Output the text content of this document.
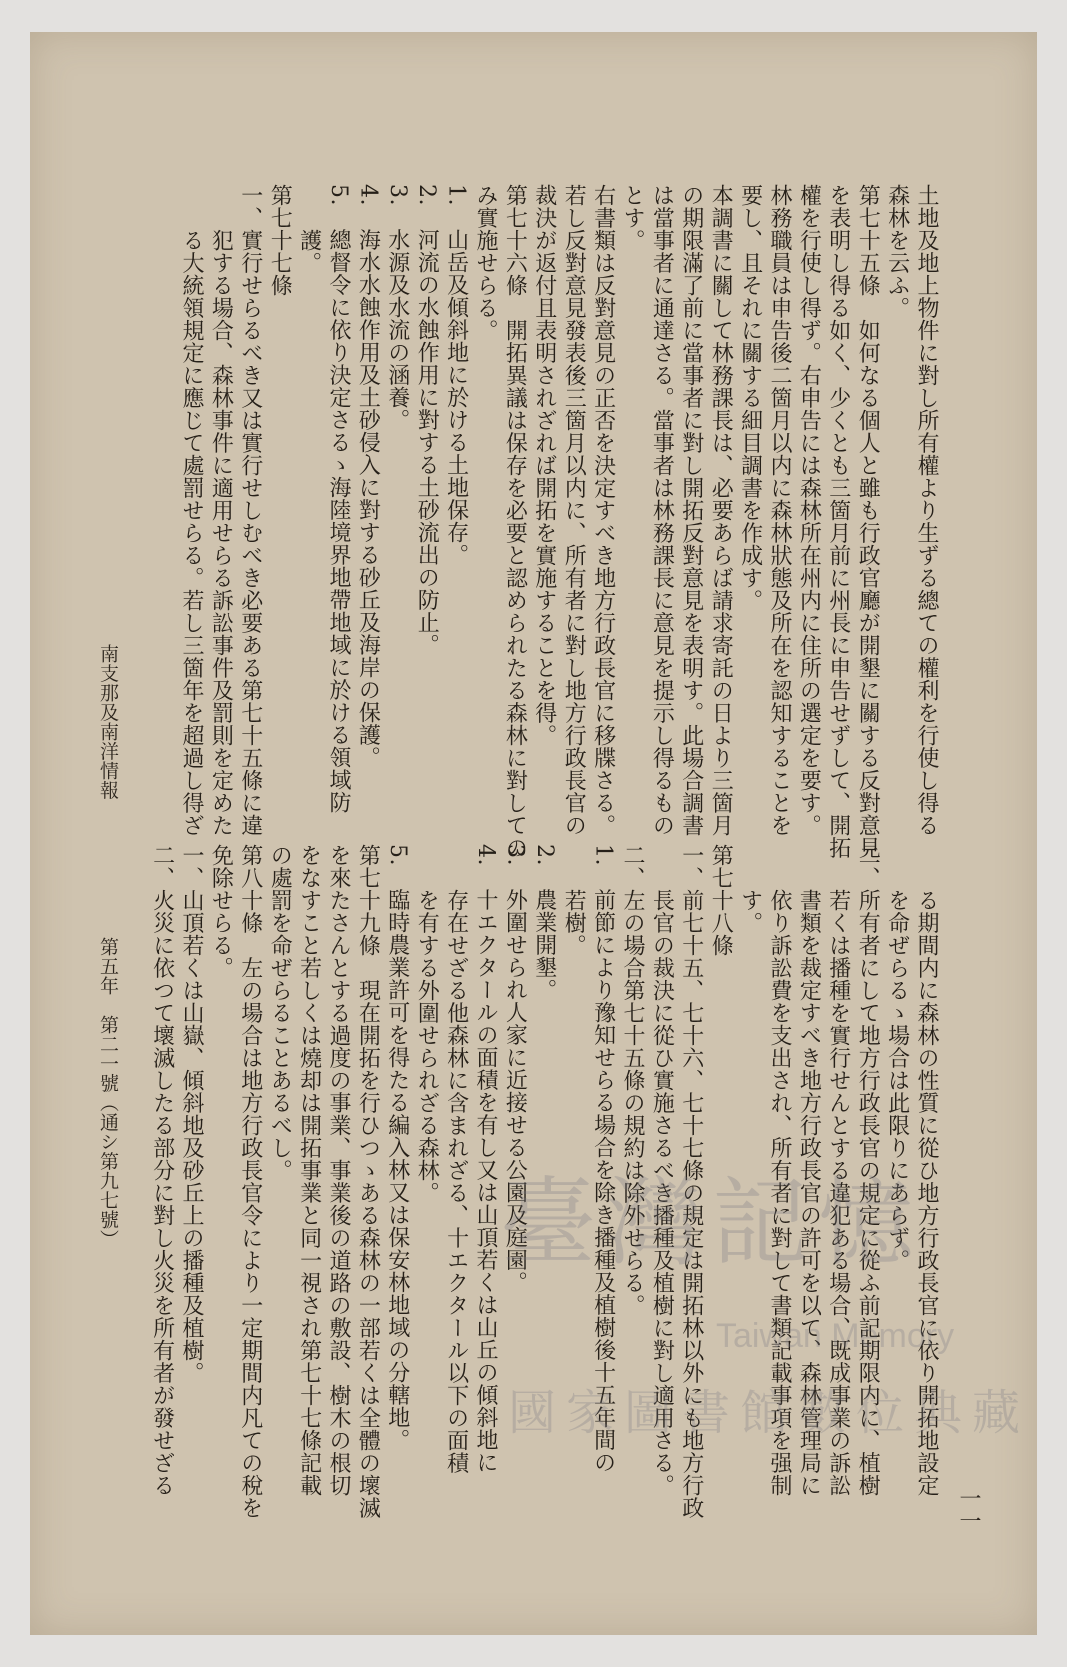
土地及地上物件に對し所有權より生ずる總ての權利を行使し得る
森林を云ふ。
第七十五條　如何なる個人と雖も行政官廳が開墾に關する反對意見
を表明し得る如く、少くとも三箇月前に州長に申告せずして、開拓
權を行使し得ず。右申告には森林所在州内に住所の選定を要す。
林務職員は申告後二箇月以内に森林狀態及所在を認知することを
要し、且それに關する細目調書を作成す。
本調書に關して林務課長は、必要あらば請求寄託の日より三箇月
の期限滿了前に當事者に對し開拓反對意見を表明す。此場合調書
は當事者に通達さる。當事者は林務課長に意見を提示し得るもの
とす。
右書類は反對意見の正否を決定すべき地方行政長官に移牒さる。
若し反對意見發表後三箇月以内に、所有者に對し地方行政長官の
裁決が返付且表明されざれば開拓を實施することを得。
第七十六條　開拓異議は保存を必要と認められたる森林に對しての
み實施せらる。
1.　山岳及傾斜地に於ける土地保存。
2.　河流の水蝕作用に對する土砂流出の防止。
3.　水源及水流の涵養。
4.　海水水蝕作用及土砂侵入に對する砂丘及海岸の保護。
5.　總督令に依り決定さるゝ海陸境界地帶地域に於ける領域防
　　護。
第七十七條
一、實行せらるべき又は實行せしむべき必要ある第七十五條に違
　　犯する場合、森林事件に適用せらる訴訟事件及罰則を定めた
　　る大統領規定に應じて處罰せらる。若し三箇年を超過し得ざ
　　る期間内に森林の性質に從ひ地方行政長官に依り開拓地設定
　　を命ぜらるゝ場合は此限りにあらず。
二、所有者にして地方行政長官の規定に從ふ前記期限内に、植樹
　　若くは播種を實行せんとする違犯ある場合、既成事業の訴訟
　　書類を裁定すべき地方行政長官の許可を以て、森林管理局に
　　依り訴訟費を支出され、所有者に對して書類記載事項を强制
　　す。
第七十八條
一、前七十五、七十六、七十七條の規定は開拓林以外にも地方行政
　　長官の裁決に從ひ實施さるべき播種及植樹に對し適用さる。
二、左の場合第七十五條の規約は除外せらる。
1.　前節により豫知せらる場合を除き播種及植樹後十五年間の
　　若樹。
2.　農業開墾。
3.　外圍せられ人家に近接せる公園及庭園。
4.　十エクタールの面積を有し又は山頂若くは山丘の傾斜地に
　　存在せざる他森林に含まれざる、十エクタール以下の面積
　　を有する外圍せられざる森林。
5.　臨時農業許可を得たる編入林又は保安林地域の分轄地。
第七十九條　現在開拓を行ひつゝある森林の一部若くは全體の壞滅
を來たさんとする過度の事業、事業後の道路の敷設、樹木の根切
をなすこと若しくは燒却は開拓事業と同一視され第七十七條記載
の處罰を命ぜらることあるべし。
第八十條　左の場合は地方行政長官令により一定期間内凡ての稅を
免除せらる。
一、山頂若くは山嶽、傾斜地及砂丘上の播種及植樹。
二、火災に依つて壞滅したる部分に對し火災を所有者が發せざる
南支那及南洋情報
第五年　第二一號（通シ第九七號）
一一
臺灣記憶
Taiwan Memory
國家圖書館數位典藏
